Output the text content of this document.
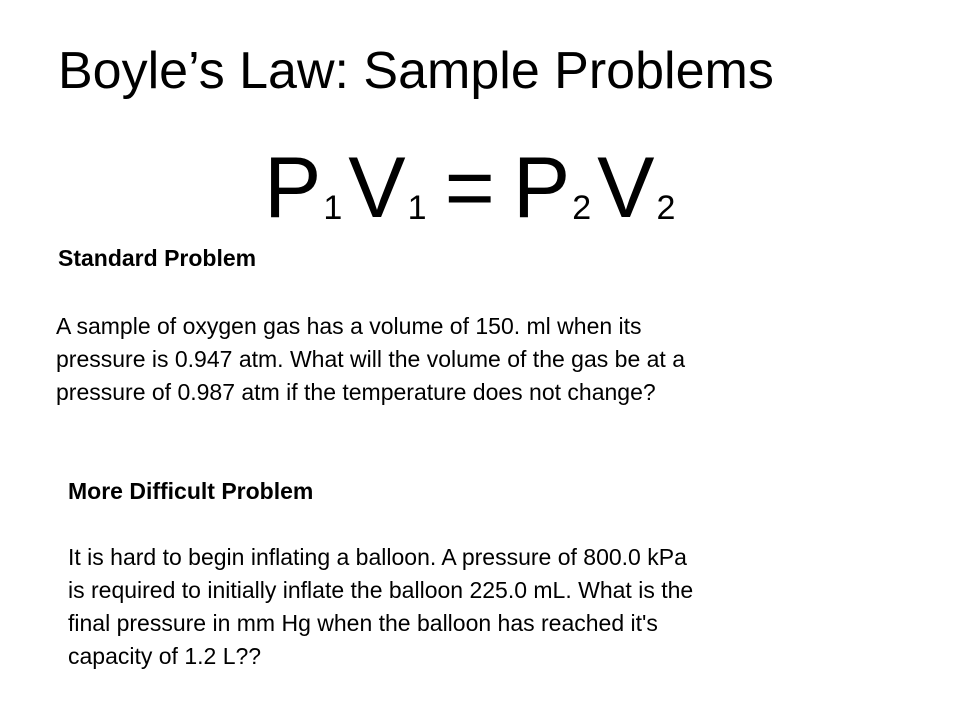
Boyle’s Law: Sample Problems
P1V1 = P2V2
Standard Problem
A sample of oxygen gas has a volume of 150. ml when its
pressure is 0.947 atm. What will the volume of the gas be at a
pressure of 0.987 atm if the temperature does not change?
More Difficult Problem
It is hard to begin inflating a balloon. A pressure of 800.0 kPa
is required to initially inflate the balloon 225.0 mL. What is the
final pressure in mm Hg when the balloon has reached it's
capacity of 1.2 L??
